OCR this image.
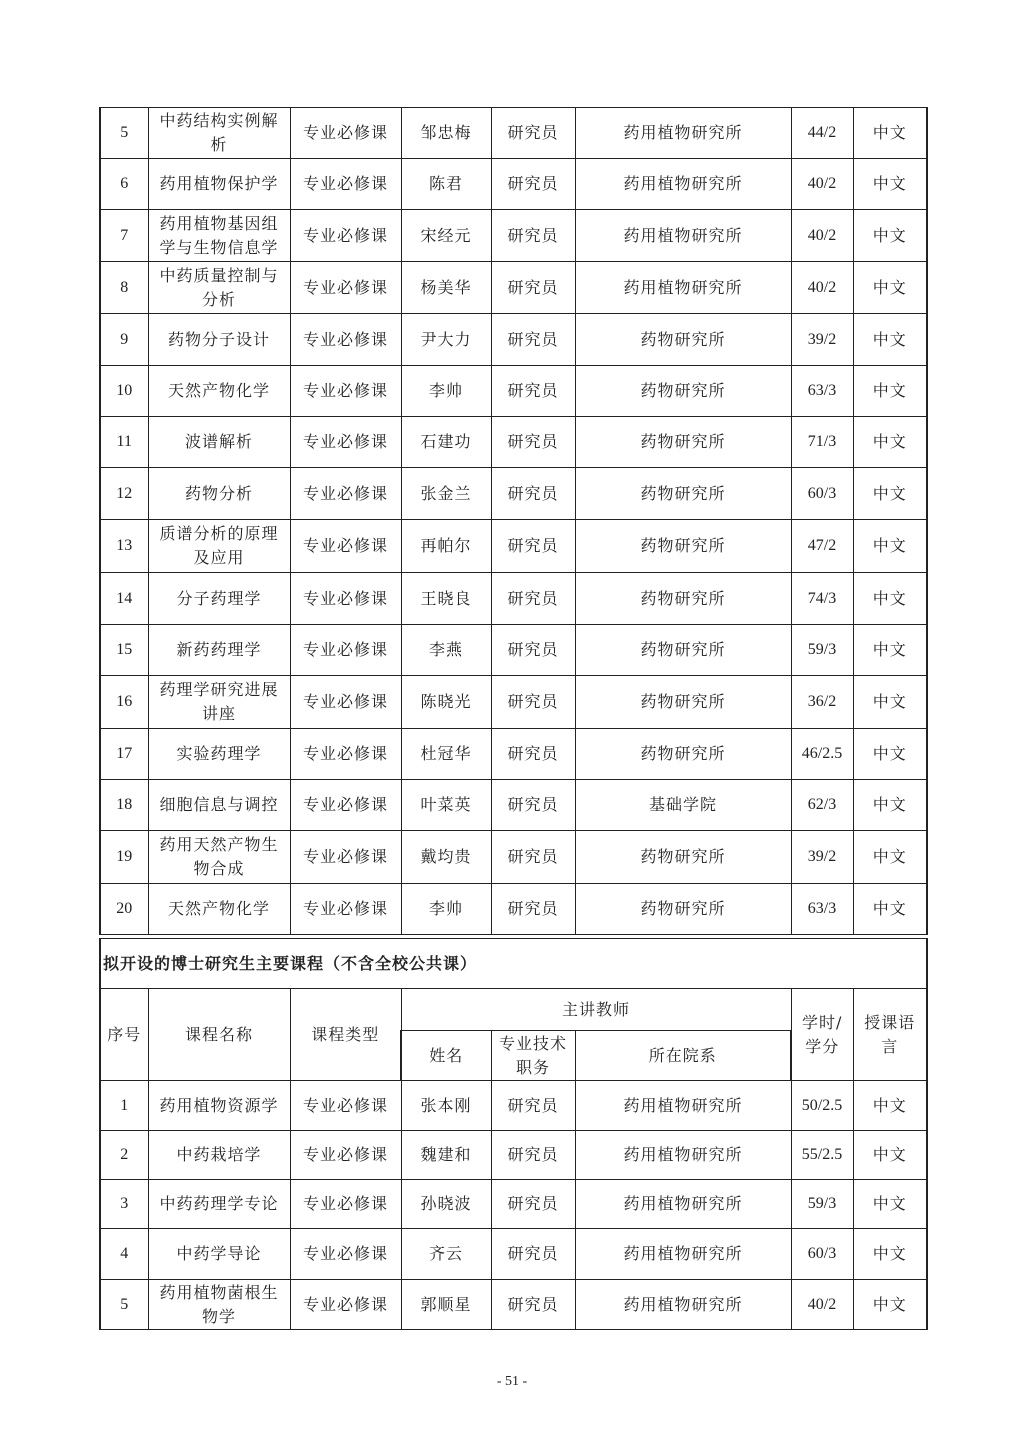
5	中药结构实例解析	专业必修课	邹忠梅	研究员	药用植物研究所	44/2	中文
6	药用植物保护学	专业必修课	陈君	研究员	药用植物研究所	40/2	中文
7	药用植物基因组学与生物信息学	专业必修课	宋经元	研究员	药用植物研究所	40/2	中文
8	中药质量控制与分析	专业必修课	杨美华	研究员	药用植物研究所	40/2	中文
9	药物分子设计	专业必修课	尹大力	研究员	药物研究所	39/2	中文
10	天然产物化学	专业必修课	李帅	研究员	药物研究所	63/3	中文
11	波谱解析	专业必修课	石建功	研究员	药物研究所	71/3	中文
12	药物分析	专业必修课	张金兰	研究员	药物研究所	60/3	中文
13	质谱分析的原理及应用	专业必修课	再帕尔	研究员	药物研究所	47/2	中文
14	分子药理学	专业必修课	王晓良	研究员	药物研究所	74/3	中文
15	新药药理学	专业必修课	李燕	研究员	药物研究所	59/3	中文
16	药理学研究进展讲座	专业必修课	陈晓光	研究员	药物研究所	36/2	中文
17	实验药理学	专业必修课	杜冠华	研究员	药物研究所	46/2.5	中文
18	细胞信息与调控	专业必修课	叶菜英	研究员	基础学院	62/3	中文
19	药用天然产物生物合成	专业必修课	戴均贵	研究员	药物研究所	39/2	中文
20	天然产物化学	专业必修课	李帅	研究员	药物研究所	63/3	中文
拟开设的博士研究生主要课程（不含全校公共课）							
序号	课程名称	课程类型	主讲教师			学时/学分	授课语言
			姓名	专业技术职务	所在院系		
1	药用植物资源学	专业必修课	张本刚	研究员	药用植物研究所	50/2.5	中文
2	中药栽培学	专业必修课	魏建和	研究员	药用植物研究所	55/2.5	中文
3	中药药理学专论	专业必修课	孙晓波	研究员	药用植物研究所	59/3	中文
4	中药学导论	专业必修课	齐云	研究员	药用植物研究所	60/3	中文
5	药用植物菌根生物学	专业必修课	郭顺星	研究员	药用植物研究所	40/2	中文
- 51 -
